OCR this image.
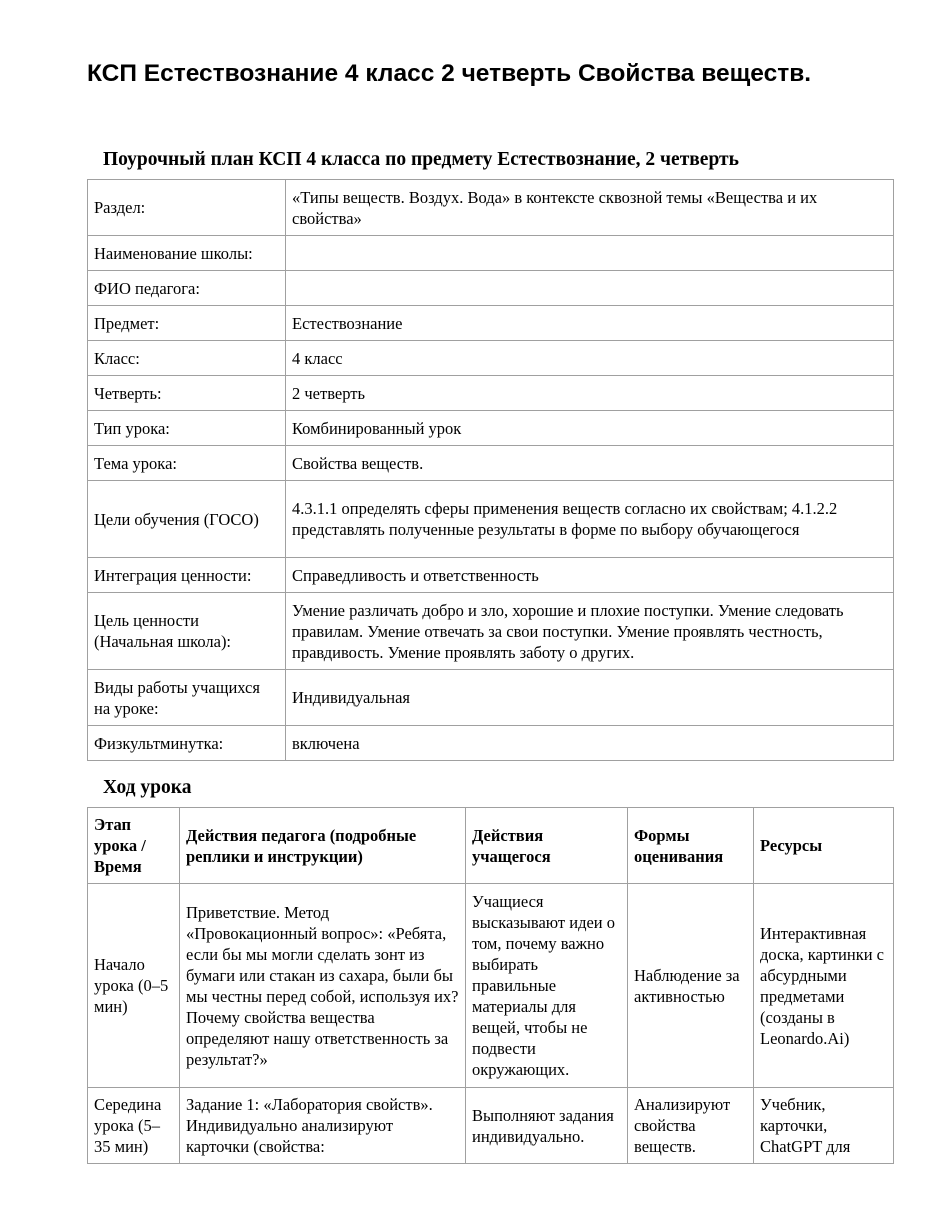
КСП Естествознание 4 класс 2 четверть Свойства веществ.
Поурочный план КСП 4 класса по предмету Естествознание, 2 четверть
Раздел:	«Типы веществ. Воздух. Вода» в контексте сквозной темы «Вещества и их свойства»
Наименование школы:	
ФИО педагога:	
Предмет:	Естествознание
Класс:	4 класс
Четверть:	2 четверть
Тип урока:	Комбинированный урок
Тема урока:	Свойства веществ.
Цели обучения (ГОСО)	4.3.1.1 определять сферы применения веществ согласно их свойствам; 4.1.2.2 представлять полученные результаты в форме по выбору обучающегося
Интеграция ценности:	Справедливость и ответственность
Цель ценности (Начальная школа):	Умение различать добро и зло, хорошие и плохие поступки. Умение следовать правилам. Умение отвечать за свои поступки. Умение проявлять честность, правдивость. Умение проявлять заботу о других.
Виды работы учащихся на уроке:	Индивидуальная
Физкультминутка:	включена
Ход урока
Этап урока / Время	Действия педагога (подробные реплики и инструкции)	Действия учащегося	Формы оценивания	Ресурсы
Начало урока (0–5 мин)	Приветствие. Метод «Провокационный вопрос»: «Ребята, если бы мы могли сделать зонт из бумаги или стакан из сахара, были бы мы честны перед собой, используя их? Почему свойства вещества определяют нашу ответственность за результат?»	Учащиеся высказывают идеи о том, почему важно выбирать правильные материалы для вещей, чтобы не подвести окружающих.	Наблюдение за активностью	Интерактивная доска, картинки с абсурдными предметами (созданы в Leonardo.Ai)
Середина урока (5–35 мин)	Задание 1: «Лаборатория свойств». Индивидуально анализируют карточки (свойства:	Выполняют задания индивидуально.	Анализируют свойства веществ.	Учебник, карточки, ChatGPT для
